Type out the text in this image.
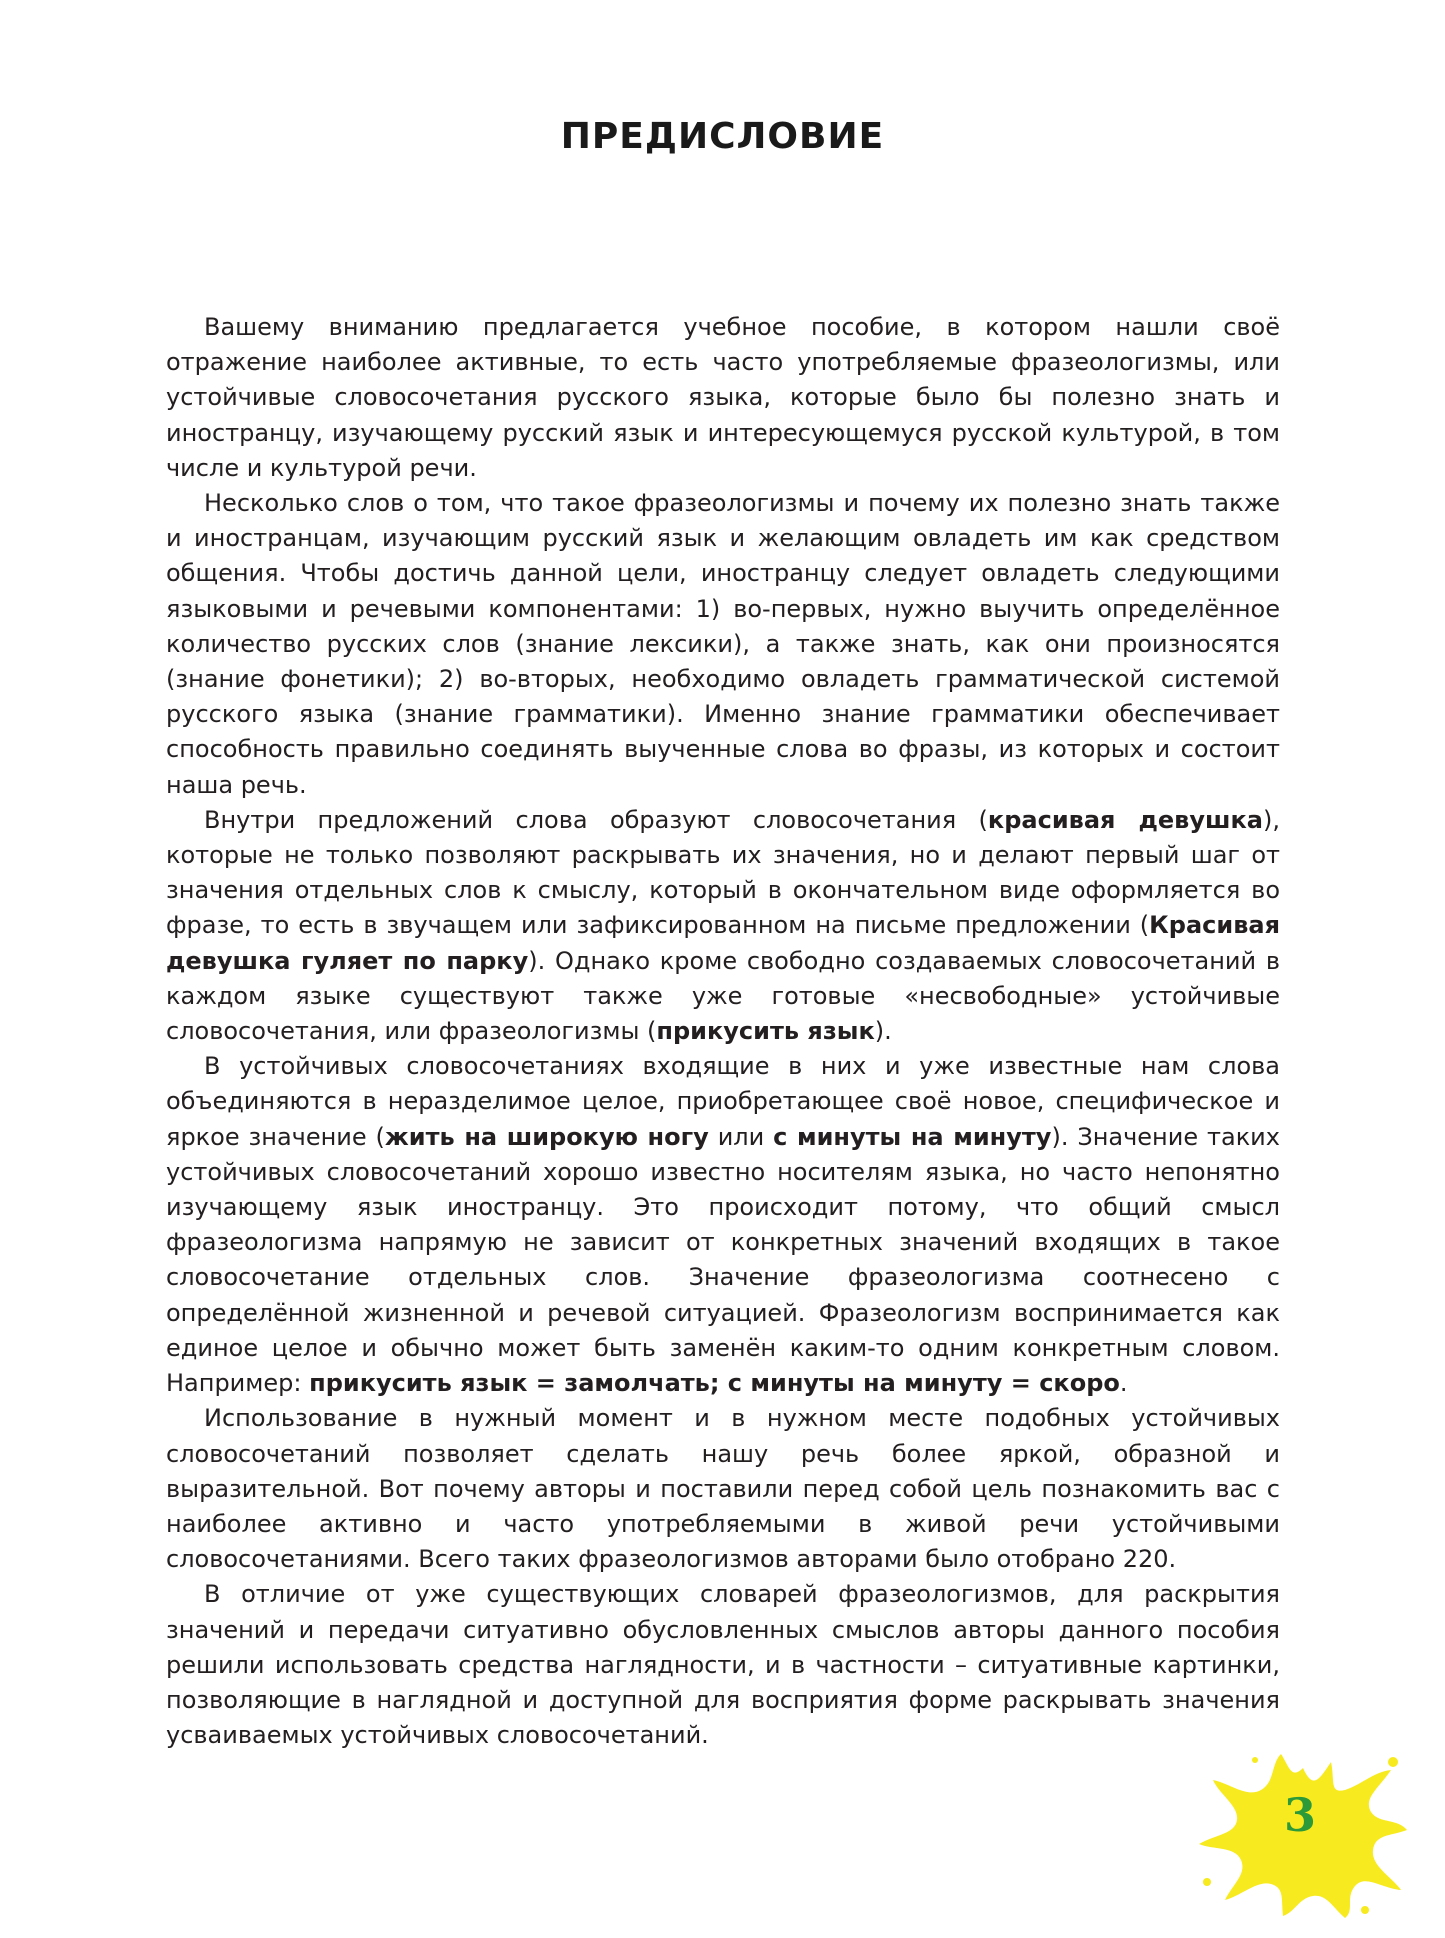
ПРЕДИСЛОВИЕ

Вашему вниманию предлагается учебное пособие, в котором нашли своё отражение наиболее активные, то есть часто употребляемые фразеологизмы, или устойчивые словосочетания русского языка, которые было бы полезно знать и иностранцу, изучающему русский язык и интересующемуся русской культурой, в том числе и культурой речи.

Несколько слов о том, что такое фразеологизмы и почему их полезно знать также и иностранцам, изучающим русский язык и желающим овладеть им как средством общения. Чтобы достичь данной цели, иностранцу следует овладеть следующими языковыми и речевыми компонентами: 1) во-первых, нужно выучить определённое количество русских слов (знание лексики), а также знать, как они произносятся (знание фонетики); 2) во-вторых, необходимо овладеть грамматической системой русского языка (знание грамматики). Именно знание грамматики обеспечивает способность правильно соединять выученные слова во фразы, из которых и состоит наша речь.

Внутри предложений слова образуют словосочетания (красивая девушка), которые не только позволяют раскрывать их значения, но и делают первый шаг от значения отдельных слов к смыслу, который в окончательном виде оформляется во фразе, то есть в звучащем или зафиксированном на письме предложении (Красивая девушка гуляет по парку). Однако кроме свободно создаваемых словосочетаний в каждом языке существуют также уже готовые «несвободные» устойчивые словосочетания, или фразеологизмы (прикусить язык).

В устойчивых словосочетаниях входящие в них и уже известные нам слова объединяются в неразделимое целое, приобретающее своё новое, специфическое и яркое значение (жить на широкую ногу или с минуты на минуту). Значение таких устойчивых словосочетаний хорошо известно носителям языка, но часто непонятно изучающему язык иностранцу. Это происходит потому, что общий смысл фразеологизма напрямую не зависит от конкретных значений входящих в такое словосочетание отдельных слов. Значение фразеологизма соотнесено с определённой жизненной и речевой ситуацией. Фразеологизм воспринимается как единое целое и обычно может быть заменён каким-то одним конкретным словом. Например: прикусить язык = замолчать; с минуты на минуту = скоро.

Использование в нужный момент и в нужном месте подобных устойчивых словосочетаний позволяет сделать нашу речь более яркой, образной и выразительной. Вот почему авторы и поставили перед собой цель познакомить вас с наиболее активно и часто употребляемыми в живой речи устойчивыми словосочетаниями. Всего таких фразеологизмов авторами было отобрано 220.

В отличие от уже существующих словарей фразеологизмов, для раскрытия значений и передачи ситуативно обусловленных смыслов авторы данного пособия решили использовать средства наглядности, и в частности – ситуативные картинки, позволяющие в наглядной и доступной для восприятия форме раскрывать значения усваиваемых устойчивых словосочетаний.

3
